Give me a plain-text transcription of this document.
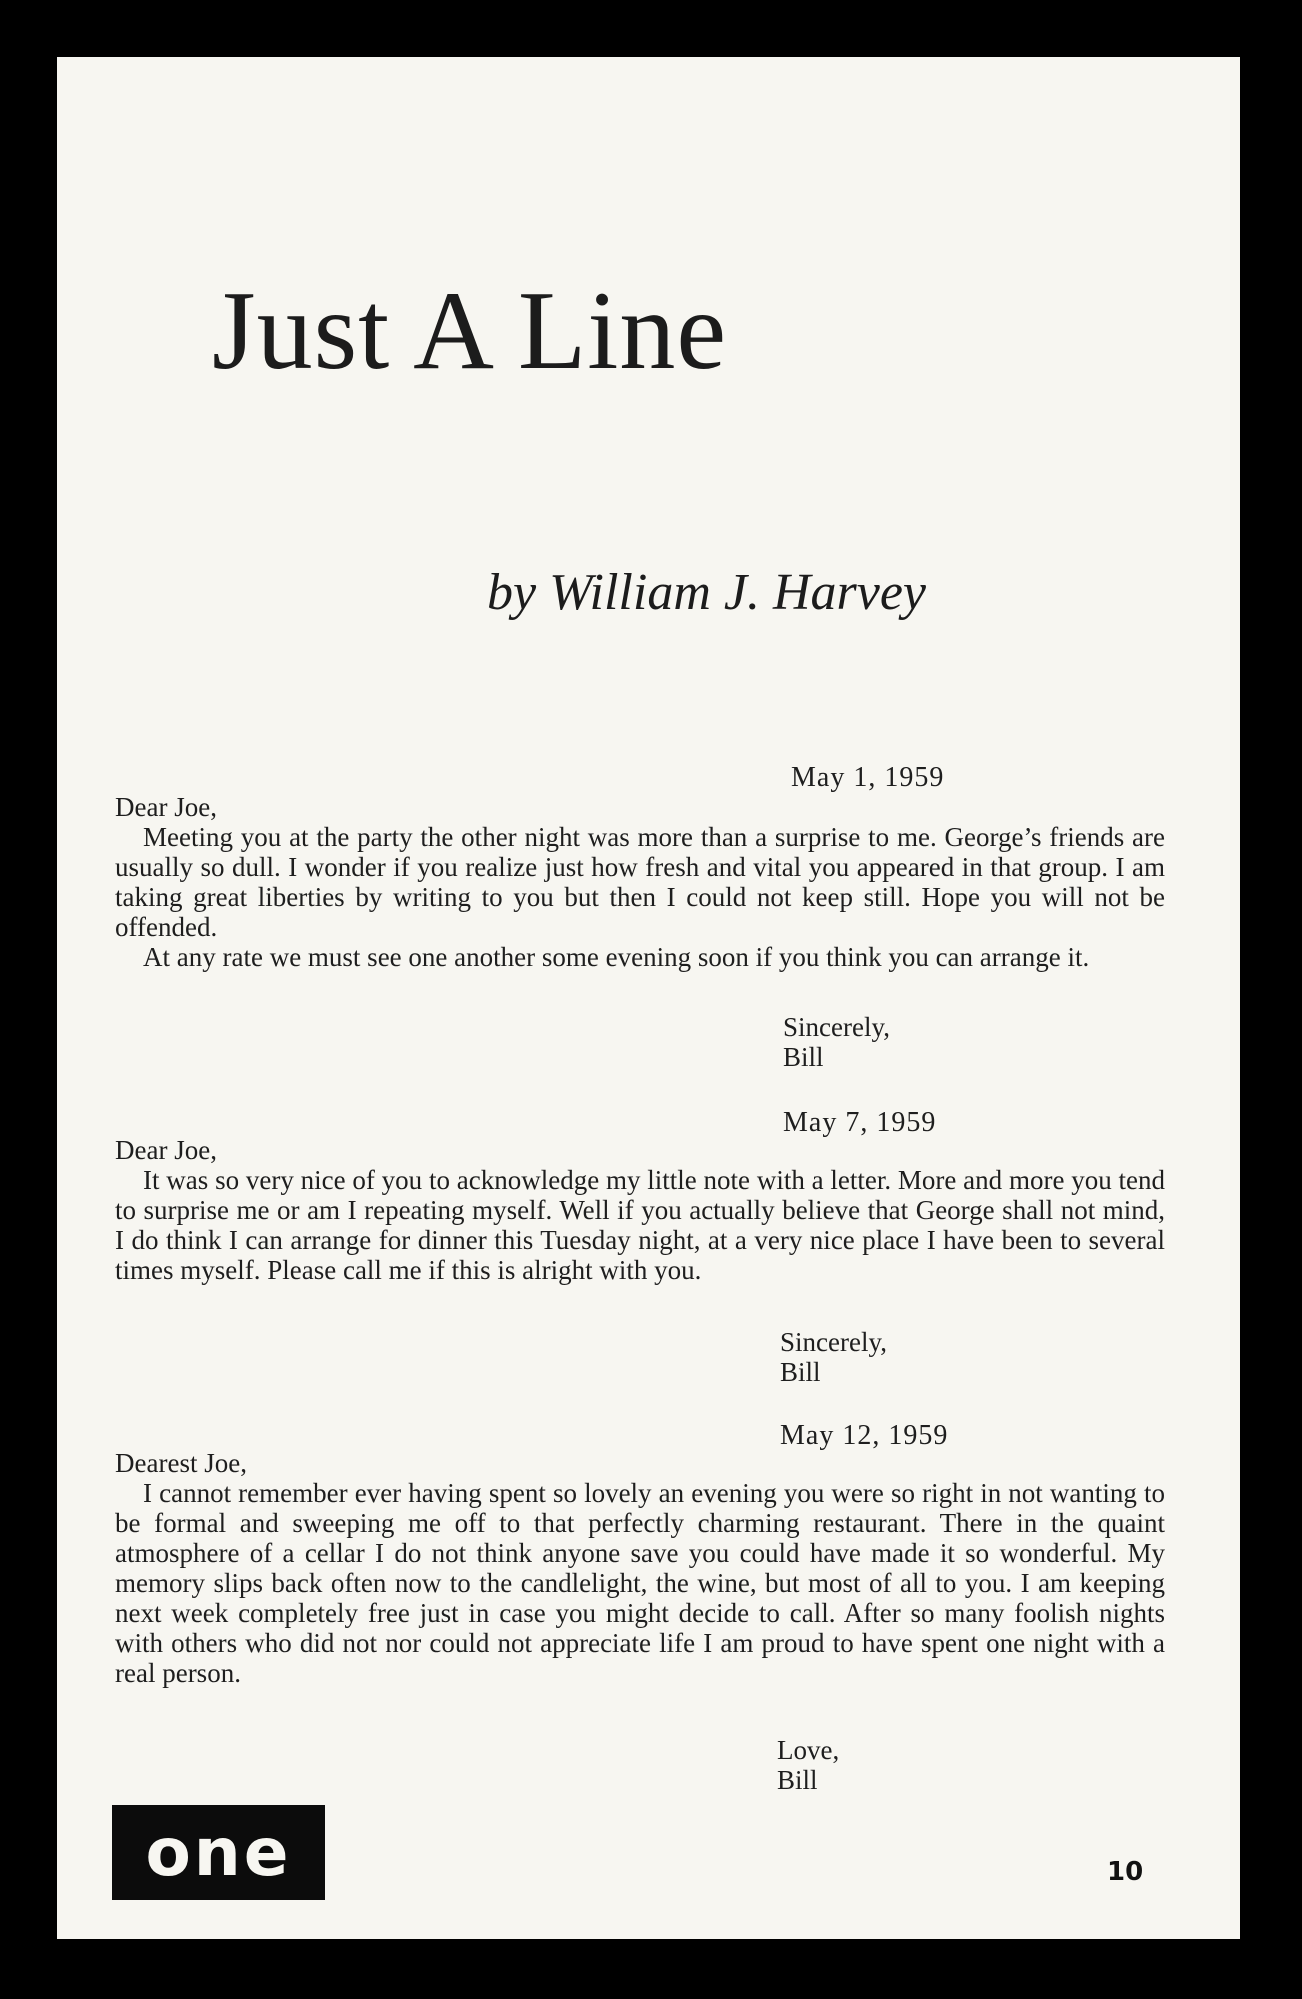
Just A Line
by William J. Harvey
May 1, 1959
Dear Joe,

Meeting you at the party the other night was more than a surprise to me. George’s friends are usually so dull. I wonder if you realize just how fresh and vital you appeared in that group. I am taking great liberties by writing to you but then I could not keep still. Hope you will not be offended.

At any rate we must see one another some evening soon if you think you can arrange it.

Sincerely,
Bill
May 7, 1959
Dear Joe,

It was so very nice of you to acknowledge my little note with a letter. More and more you tend to surprise me or am I repeating myself. Well if you actually believe that George shall not mind, I do think I can arrange for dinner this Tuesday night, at a very nice place I have been to several times myself. Please call me if this is alright with you.

Sincerely,
Bill
May 12, 1959
Dearest Joe,

I cannot remember ever having spent so lovely an evening you were so right in not wanting to be formal and sweeping me off to that perfectly charming restaurant. There in the quaint atmosphere of a cellar I do not think anyone save you could have made it so wonderful. My memory slips back often now to the candlelight, the wine, but most of all to you. I am keeping next week completely free just in case you might decide to call. After so many foolish nights with others who did not nor could not appreciate life I am proud to have spent one night with a real person.

Love,
Bill
one	10
